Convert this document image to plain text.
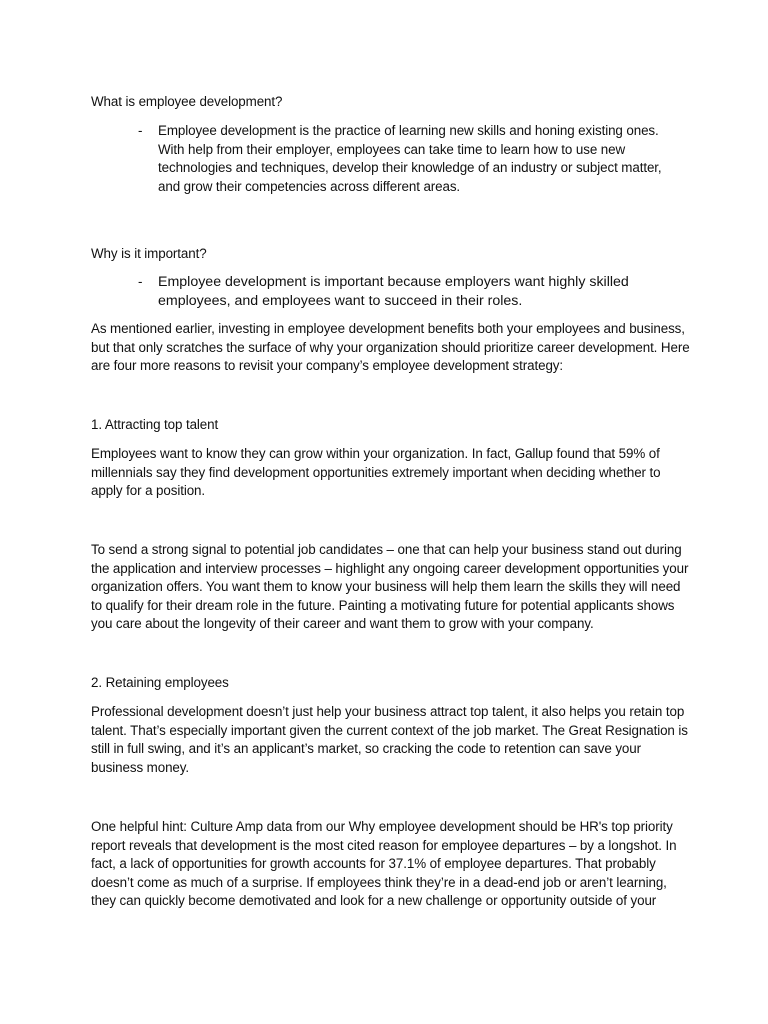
What is employee development?
- Employee development is the practice of learning new skills and honing existing ones. With help from their employer, employees can take time to learn how to use new technologies and techniques, develop their knowledge of an industry or subject matter, and grow their competencies across different areas.
Why is it important?
- Employee development is important because employers want highly skilled employees, and employees want to succeed in their roles.
As mentioned earlier, investing in employee development benefits both your employees and business, but that only scratches the surface of why your organization should prioritize career development. Here are four more reasons to revisit your company’s employee development strategy:
1. Attracting top talent
Employees want to know they can grow within your organization. In fact, Gallup found that 59% of millennials say they find development opportunities extremely important when deciding whether to apply for a position.
To send a strong signal to potential job candidates – one that can help your business stand out during the application and interview processes – highlight any ongoing career development opportunities your organization offers. You want them to know your business will help them learn the skills they will need to qualify for their dream role in the future. Painting a motivating future for potential applicants shows you care about the longevity of their career and want them to grow with your company.
2. Retaining employees
Professional development doesn’t just help your business attract top talent, it also helps you retain top talent. That’s especially important given the current context of the job market. The Great Resignation is still in full swing, and it’s an applicant’s market, so cracking the code to retention can save your business money.
One helpful hint: Culture Amp data from our Why employee development should be HR's top priority report reveals that development is the most cited reason for employee departures – by a longshot. In fact, a lack of opportunities for growth accounts for 37.1% of employee departures. That probably doesn’t come as much of a surprise. If employees think they’re in a dead-end job or aren’t learning, they can quickly become demotivated and look for a new challenge or opportunity outside of your
